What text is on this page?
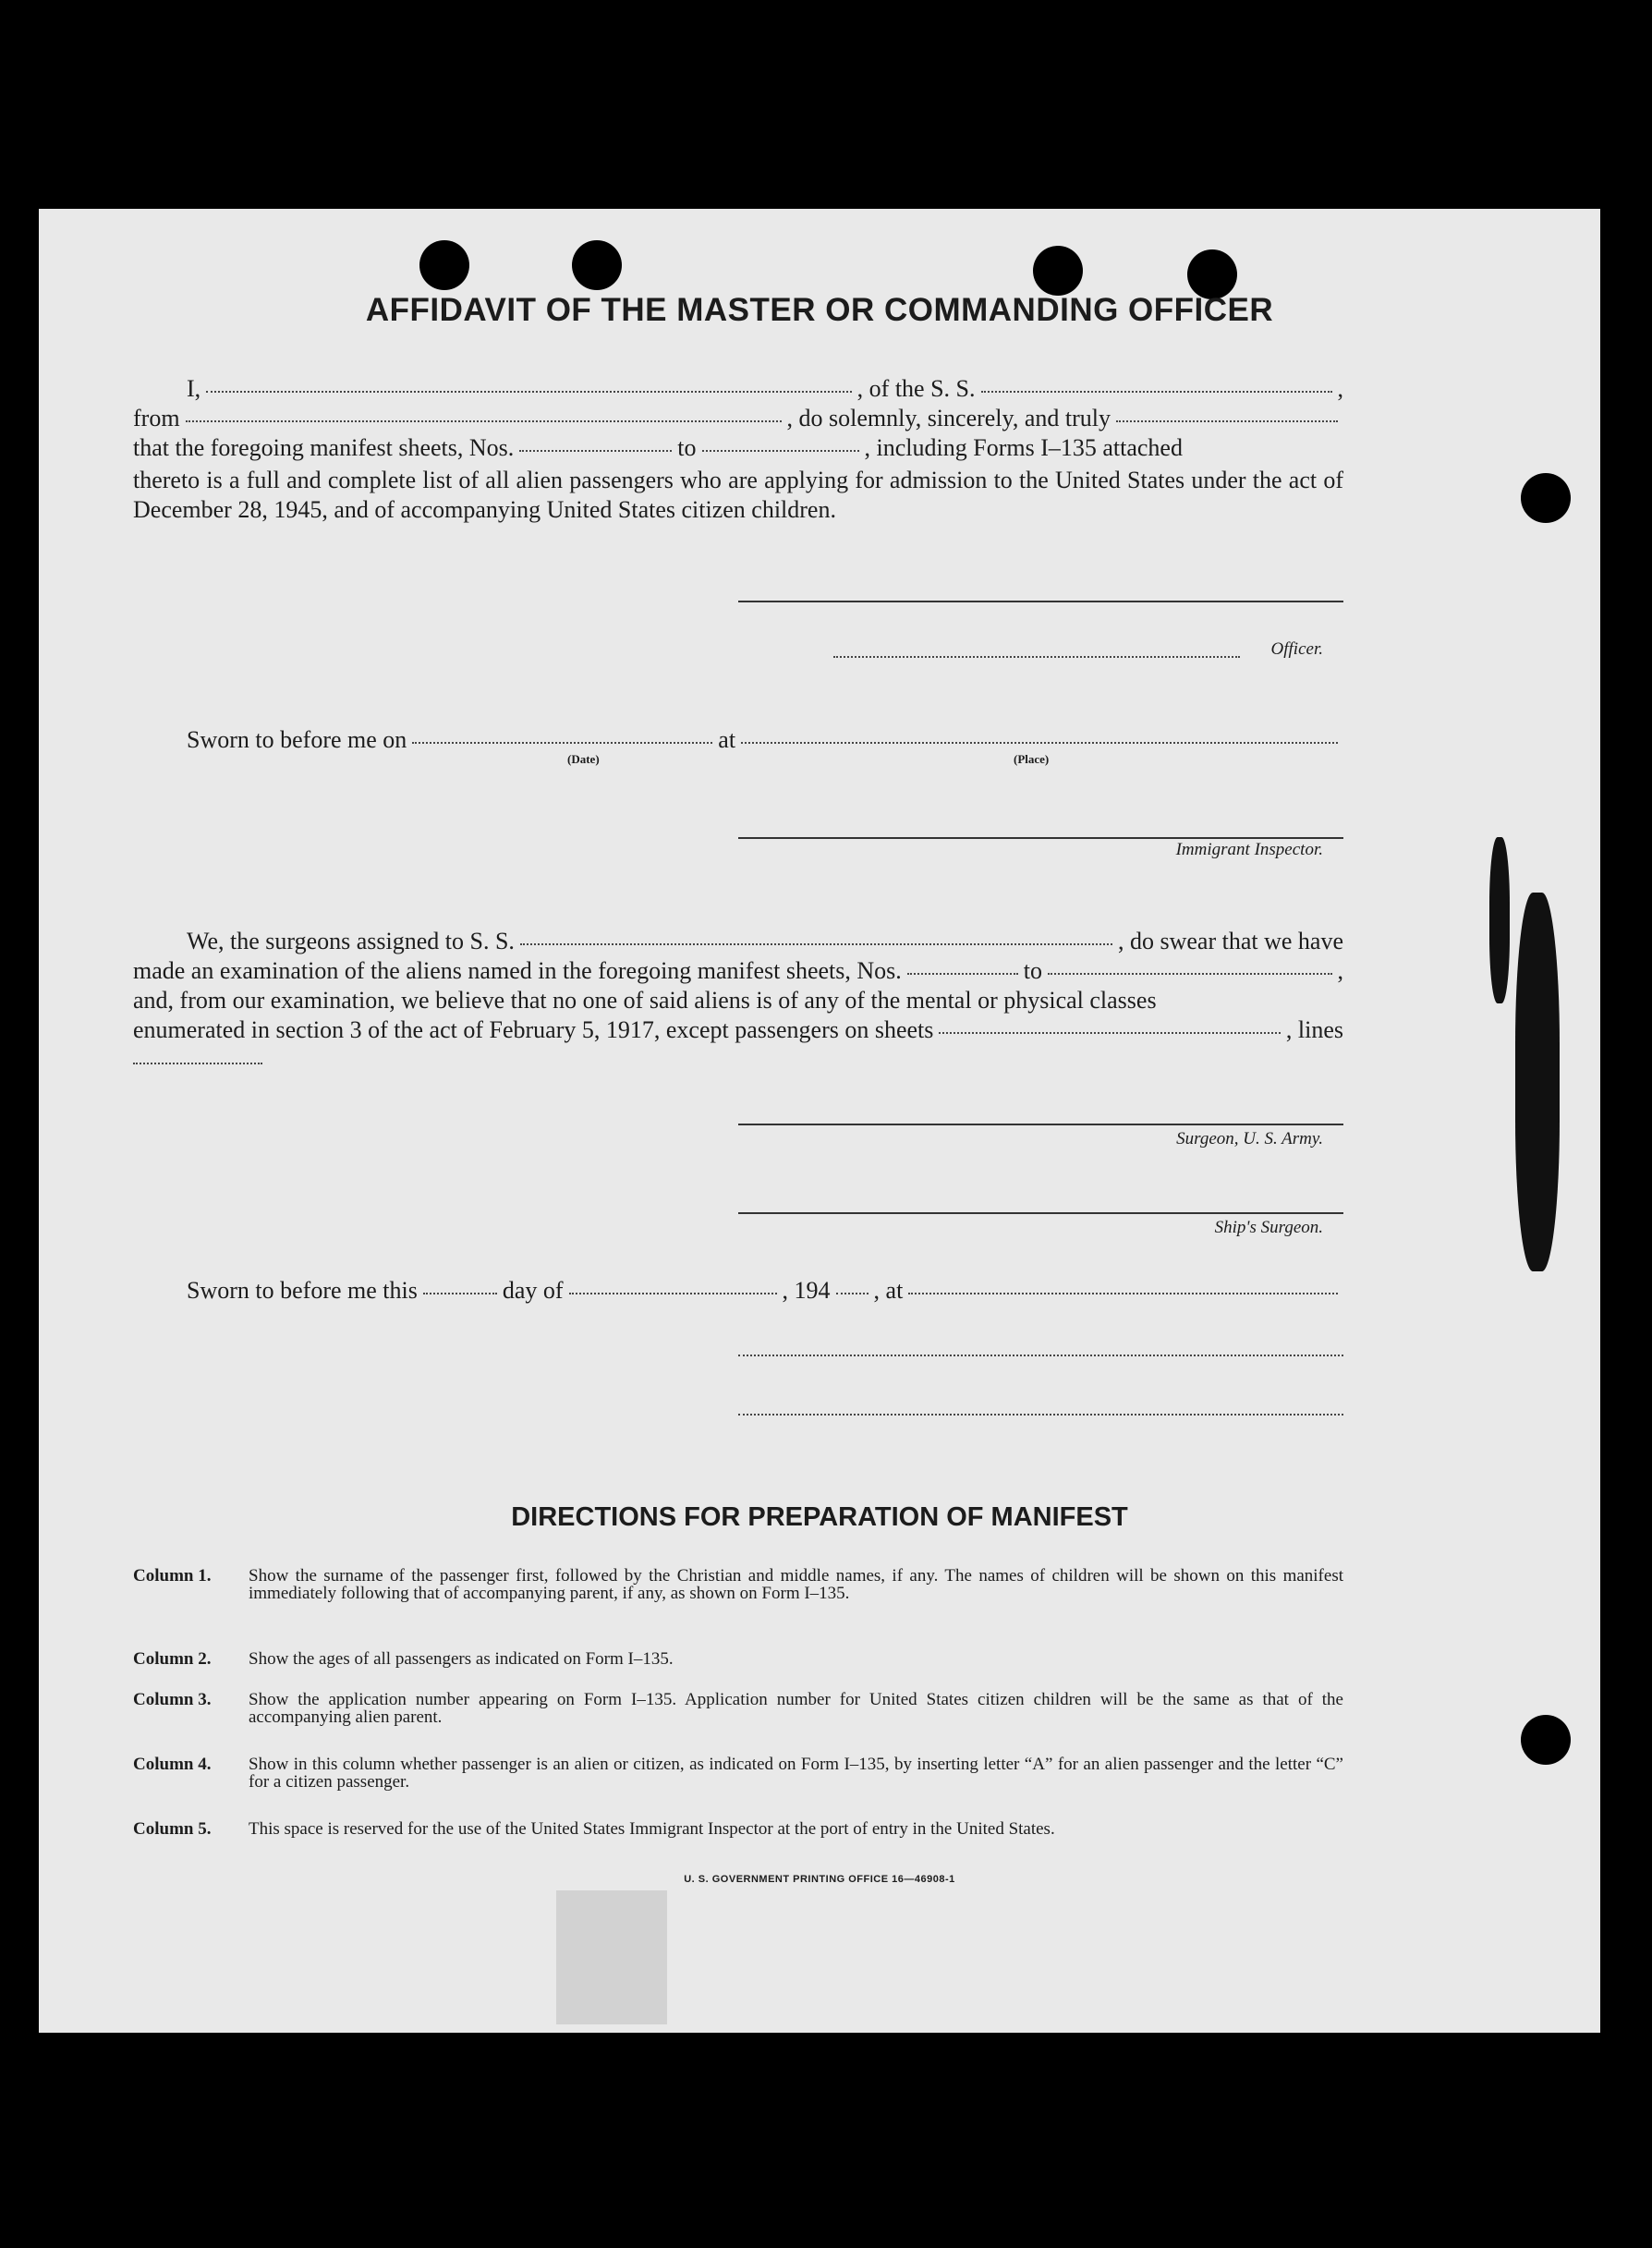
AFFIDAVIT OF THE MASTER OR COMMANDING OFFICER
I,	, of the S. S.	,
from	, do solemnly, sincerely, and truly
that the foregoing manifest sheets, Nos.	to	, including Forms I–135 attached
thereto is a full and complete list of all alien passengers who are applying for admission to the United States under the act of December 28, 1945, and of accompanying United States citizen children.
Officer.
Sworn to before me on	at
(Date)	(Place)
Immigrant Inspector.
We, the surgeons assigned to S. S.	, do swear that we have
made an examination of the aliens named in the foregoing manifest sheets, Nos.	to	,
and, from our examination, we believe that no one of said aliens is of any of the mental or physical classes
enumerated in section 3 of the act of February 5, 1917, except passengers on sheets	, lines
Surgeon, U. S. Army.
Ship's Surgeon.
Sworn to before me this	day of	, 194 , at
DIRECTIONS FOR PREPARATION OF MANIFEST
Column 1.	Show the surname of the passenger first, followed by the Christian and middle names, if any. The names of children will be shown on this manifest immediately following that of accompanying parent, if any, as shown on Form I–135.
Column 2.	Show the ages of all passengers as indicated on Form I–135.
Column 3.	Show the application number appearing on Form I–135. Application number for United States citizen children will be the same as that of the accompanying alien parent.
Column 4.	Show in this column whether passenger is an alien or citizen, as indicated on Form I–135, by inserting letter “A” for an alien passenger and the letter “C” for a citizen passenger.
Column 5.	This space is reserved for the use of the United States Immigrant Inspector at the port of entry in the United States.
U. S. GOVERNMENT PRINTING OFFICE 16—46908-1
